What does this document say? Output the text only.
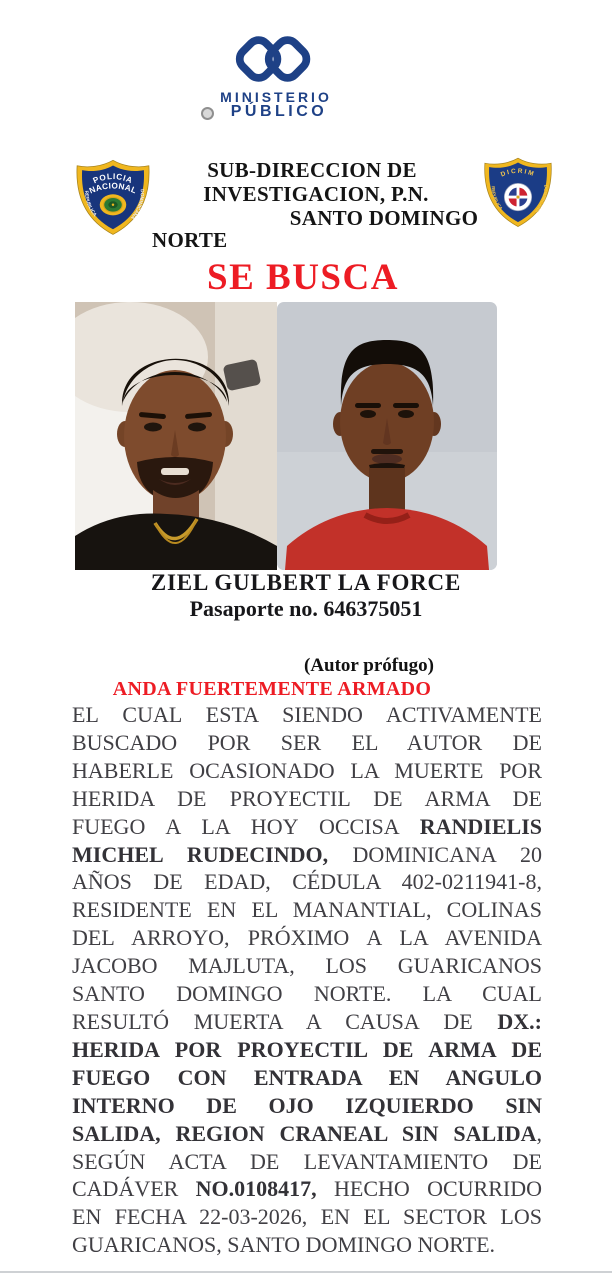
MINISTERIO
PÚBLICO
POLICIA
NACIONAL
REPUBLICA
DOMINICANA
DICRIM
REPUBLICA
DOMINICANA
SUB-DIRECCION DE
INVESTIGACION, P.N.
SANTO DOMINGO
NORTE
SE BUSCA
ZIEL GULBERT LA FORCE
Pasaporte no. 646375051
(Autor prófugo)
ANDA FUERTEMENTE ARMADO
EL CUAL ESTA SIENDO ACTIVAMENTE
BUSCADO POR SER EL AUTOR DE
HABERLE OCASIONADO LA MUERTE POR
HERIDA DE PROYECTIL DE ARMA DE
FUEGO A LA HOY OCCISA RANDIELIS
MICHEL RUDECINDO, DOMINICANA 20
AÑOS DE EDAD, CÉDULA 402-0211941-8,
RESIDENTE EN EL MANANTIAL, COLINAS
DEL ARROYO, PRÓXIMO A LA AVENIDA
JACOBO MAJLUTA, LOS GUARICANOS
SANTO DOMINGO NORTE. LA CUAL
RESULTÓ MUERTA A CAUSA DE DX.:
HERIDA POR PROYECTIL DE ARMA DE
FUEGO CON ENTRADA EN ANGULO
INTERNO DE OJO IZQUIERDO SIN
SALIDA, REGION CRANEAL SIN SALIDA,
SEGÚN ACTA DE LEVANTAMIENTO DE
CADÁVER NO.0108417, HECHO OCURRIDO
EN FECHA 22-03-2026, EN EL SECTOR LOS
GUARICANOS, SANTO DOMINGO NORTE.
